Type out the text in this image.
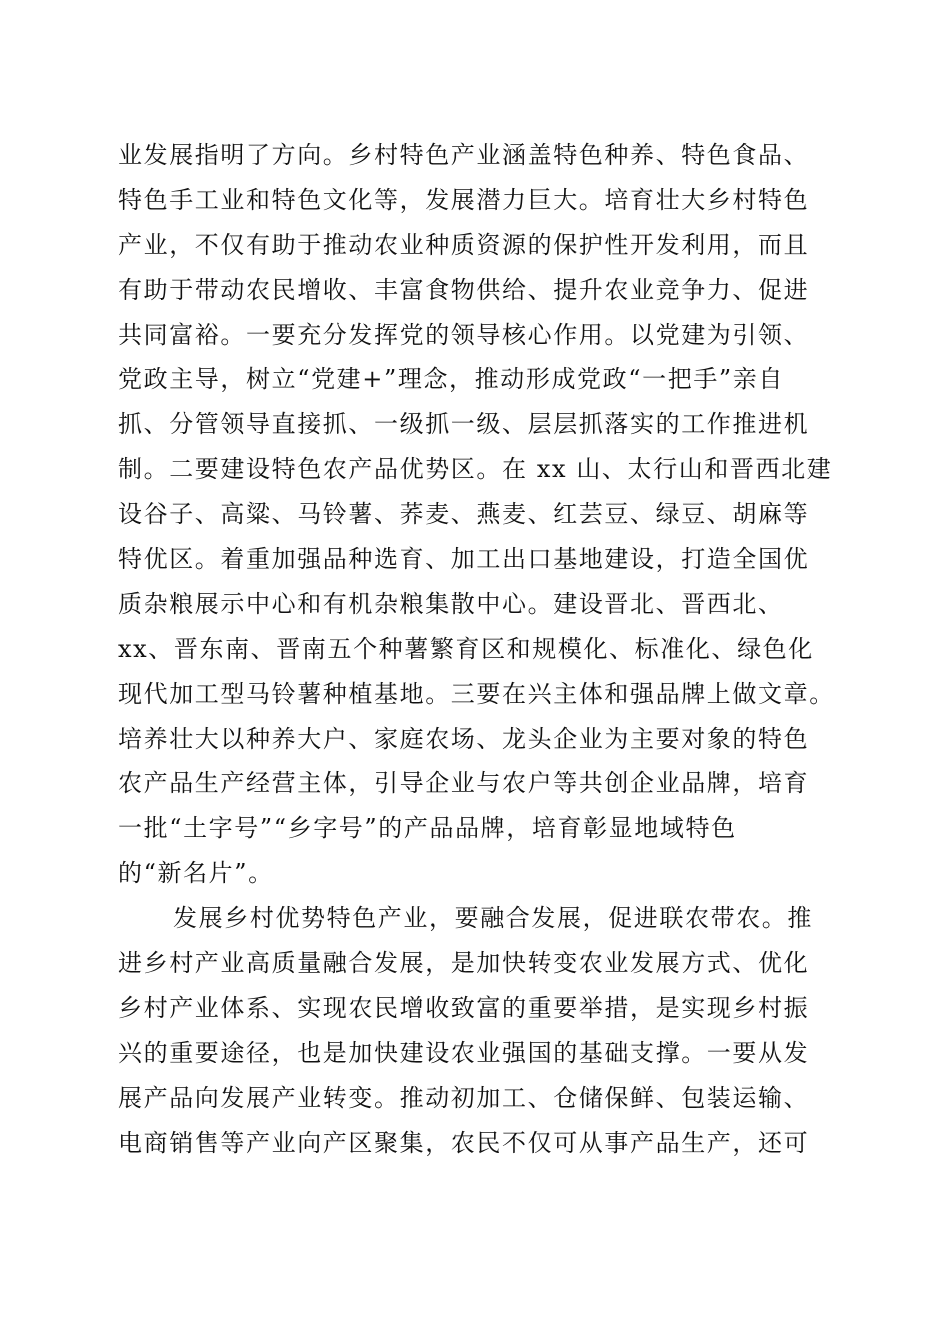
业发展指明了方向。乡村特色产业涵盖特色种养、特色食品、
特色手工业和特色文化等，发展潜力巨大。培育壮大乡村特色
产业，不仅有助于推动农业种质资源的保护性开发利用，而且
有助于带动农民增收、丰富食物供给、提升农业竞争力、促进
共同富裕。一要充分发挥党的领导核心作用。以党建为引领、
党政主导，树立“党建+”理念，推动形成党政“一把手”亲自
抓、分管领导直接抓、一级抓一级、层层抓落实的工作推进机
制。二要建设特色农产品优势区。在 xx 山、太行山和晋西北建
设谷子、高粱、马铃薯、荞麦、燕麦、红芸豆、绿豆、胡麻等
特优区。着重加强品种选育、加工出口基地建设，打造全国优
质杂粮展示中心和有机杂粮集散中心。建设晋北、晋西北、
xx、晋东南、晋南五个种薯繁育区和规模化、标准化、绿色化
现代加工型马铃薯种植基地。三要在兴主体和强品牌上做文章。
培养壮大以种养大户、家庭农场、龙头企业为主要对象的特色
农产品生产经营主体，引导企业与农户等共创企业品牌，培育
一批“土字号”“乡字号”的产品品牌，培育彰显地域特色
的“新名片”。
发展乡村优势特色产业，要融合发展，促进联农带农。推
进乡村产业高质量融合发展，是加快转变农业发展方式、优化
乡村产业体系、实现农民增收致富的重要举措，是实现乡村振
兴的重要途径，也是加快建设农业强国的基础支撑。一要从发
展产品向发展产业转变。推动初加工、仓储保鲜、包装运输、
电商销售等产业向产区聚集，农民不仅可从事产品生产，还可
